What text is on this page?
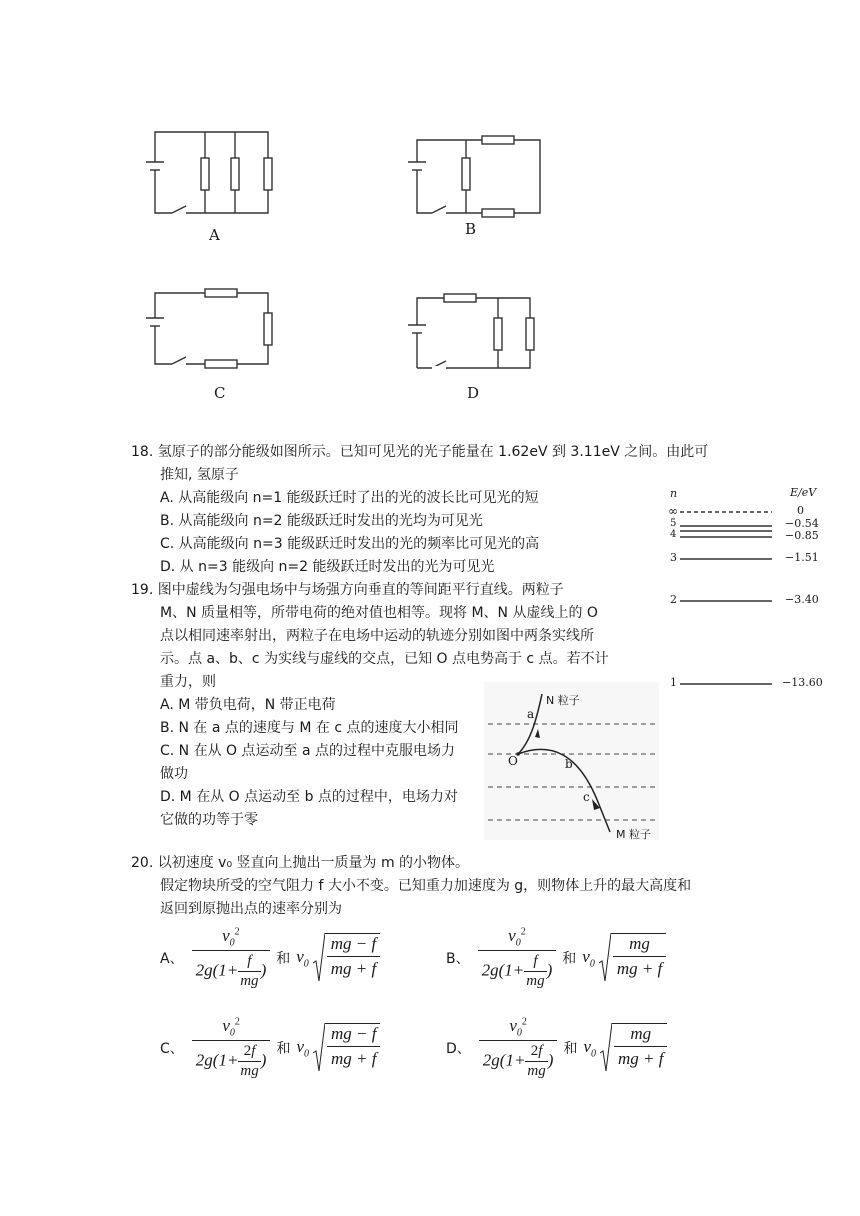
A	B
C	D
18. 氢原子的部分能级如图所示。已知可见光的光子能量在 1.62eV 到 3.11eV 之间。由此可
推知, 氢原子
A. 从高能级向 n=1 能级跃迁时了出的光的波长比可见光的短
B. 从高能级向 n=2 能级跃迁时发出的光均为可见光
C. 从高能级向 n=3 能级跃迁时发出的光的频率比可见光的高
D. 从 n=3 能级向 n=2 能级跃迁时发出的光为可见光
n	E/eV
∞	0
5	−0.54
4	−0.85
3	−1.51
2	−3.40
1	−13.60
19. 图中虚线为匀强电场中与场强方向垂直的等间距平行直线。两粒子
M、N 质量相等，所带电荷的绝对值也相等。现将 M、N 从虚线上的 O
点以相同速率射出，两粒子在电场中运动的轨迹分别如图中两条实线所
示。点 a、b、c 为实线与虚线的交点，已知 O 点电势高于 c 点。若不计
重力，则
A. M 带负电荷，N 带正电荷
B. N 在 a 点的速度与 M 在 c 点的速度大小相同
C. N 在从 O 点运动至 a 点的过程中克服电场力
做功
D. M 在从 O 点运动至 b 点的过程中，电场力对
它做的功等于零
N 粒子
M 粒子
O
a
b
c
20. 以初速度 v₀ 竖直向上抛出一质量为 m 的小物体。
假定物块所受的空气阻力 f 大小不变。已知重力加速度为 g，则物体上升的最大高度和
返回到原抛出点的速率分别为
A、 $\frac{v_0^2}{2g(1+ \frac{f}{mg} )}$ 和 $v_0 \frac{mg - f}{mg + f}$	B、 $\frac{v_0^2}{2g(1+ \frac{f}{mg} )}$ 和 $v_0 \frac{mg}{mg + f}$
C、 $\frac{v_0^2}{2g(1+ \frac{2f}{mg} )}$ 和 $v_0 \frac{mg - f}{mg + f}$	D、 $\frac{v_0^2}{2g(1+ \frac{2f}{mg} )}$ 和 $v_0 \frac{mg}{mg + f}$
